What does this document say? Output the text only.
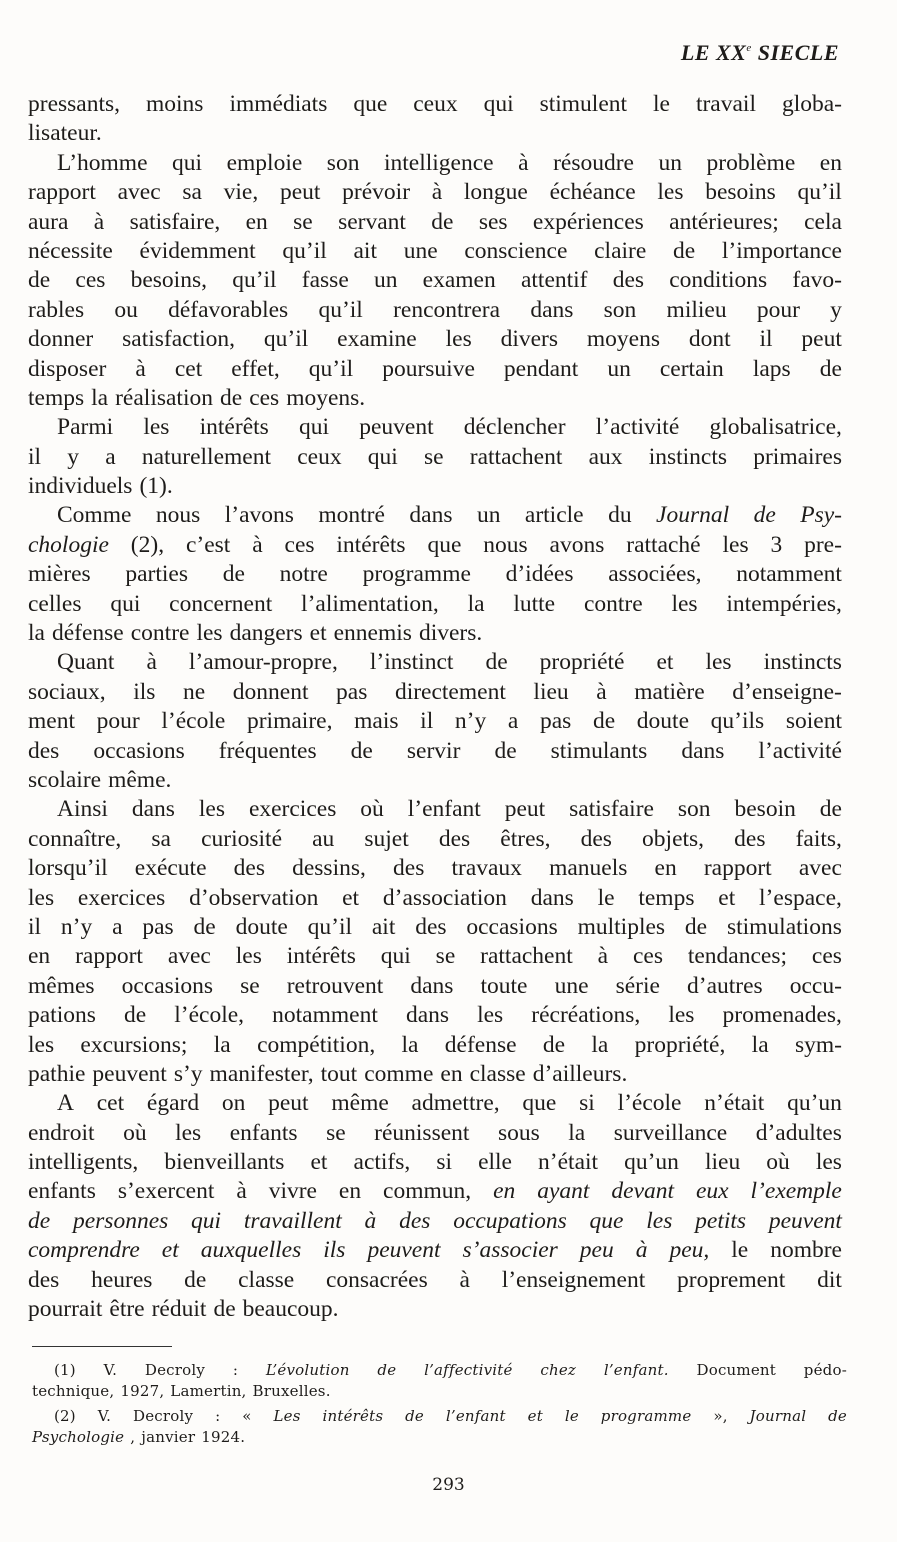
LE XXe SIECLE
pressants, moins immédiats que ceux qui stimulent le travail globa-
lisateur.
L’homme qui emploie son intelligence à résoudre un problème en
rapport avec sa vie, peut prévoir à longue échéance les besoins qu’il
aura à satisfaire, en se servant de ses expériences antérieures; cela
nécessite évidemment qu’il ait une conscience claire de l’importance
de ces besoins, qu’il fasse un examen attentif des conditions favo-
rables ou défavorables qu’il rencontrera dans son milieu pour y
donner satisfaction, qu’il examine les divers moyens dont il peut
disposer à cet effet, qu’il poursuive pendant un certain laps de
temps la réalisation de ces moyens.
Parmi les intérêts qui peuvent déclencher l’activité globalisatrice,
il y a naturellement ceux qui se rattachent aux instincts primaires
individuels (1).
Comme nous l’avons montré dans un article du Journal de Psy-
chologie (2), c’est à ces intérêts que nous avons rattaché les 3 pre-
mières parties de notre programme d’idées associées, notamment
celles qui concernent l’alimentation, la lutte contre les intempéries,
la défense contre les dangers et ennemis divers.
Quant à l’amour-propre, l’instinct de propriété et les instincts
sociaux, ils ne donnent pas directement lieu à matière d’enseigne-
ment pour l’école primaire, mais il n’y a pas de doute qu’ils soient
des occasions fréquentes de servir de stimulants dans l’activité
scolaire même.
Ainsi dans les exercices où l’enfant peut satisfaire son besoin de
connaître, sa curiosité au sujet des êtres, des objets, des faits,
lorsqu’il exécute des dessins, des travaux manuels en rapport avec
les exercices d’observation et d’association dans le temps et l’espace,
il n’y a pas de doute qu’il ait des occasions multiples de stimulations
en rapport avec les intérêts qui se rattachent à ces tendances; ces
mêmes occasions se retrouvent dans toute une série d’autres occu-
pations de l’école, notamment dans les récréations, les promenades,
les excursions; la compétition, la défense de la propriété, la sym-
pathie peuvent s’y manifester, tout comme en classe d’ailleurs.
A cet égard on peut même admettre, que si l’école n’était qu’un
endroit où les enfants se réunissent sous la surveillance d’adultes
intelligents, bienveillants et actifs, si elle n’était qu’un lieu où les
enfants s’exercent à vivre en commun, en ayant devant eux l’exemple
de personnes qui travaillent à des occupations que les petits peuvent
comprendre et auxquelles ils peuvent s’associer peu à peu, le nombre
des heures de classe consacrées à l’enseignement proprement dit
pourrait être réduit de beaucoup.
(1) V. Decroly : L’évolution de l’affectivité chez l’enfant. Document pédo-
technique, 1927, Lamertin, Bruxelles.
(2) V. Decroly : « Les intérêts de l’enfant et le programme », Journal de
Psychologie , janvier 1924.
293
